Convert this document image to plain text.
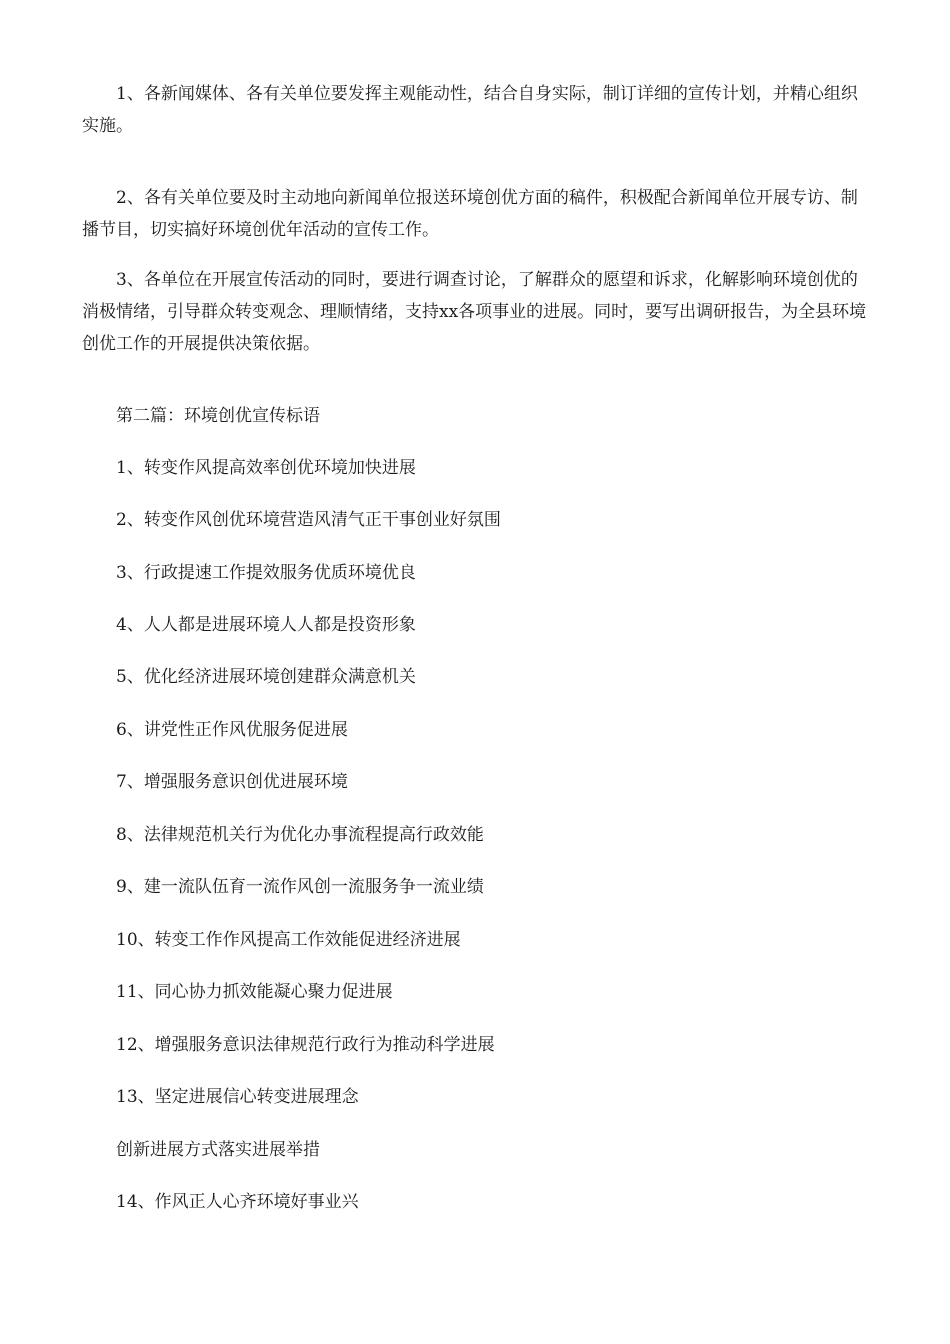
1、各新闻媒体、各有关单位要发挥主观能动性，结合自身实际，制订详细的宣传计划，并精心组织实施。

2、各有关单位要及时主动地向新闻单位报送环境创优方面的稿件，积极配合新闻单位开展专访、制播节目，切实搞好环境创优年活动的宣传工作。

3、各单位在开展宣传活动的同时，要进行调查讨论，了解群众的愿望和诉求，化解影响环境创优的消极情绪，引导群众转变观念、理顺情绪，支持xx各项事业的进展。同时，要写出调研报告，为全县环境创优工作的开展提供决策依据。

第二篇：环境创优宣传标语

1、转变作风提高效率创优环境加快进展

2、转变作风创优环境营造风清气正干事创业好氛围

3、行政提速工作提效服务优质环境优良

4、人人都是进展环境人人都是投资形象

5、优化经济进展环境创建群众满意机关

6、讲党性正作风优服务促进展

7、增强服务意识创优进展环境

8、法律规范机关行为优化办事流程提高行政效能

9、建一流队伍育一流作风创一流服务争一流业绩

10、转变工作作风提高工作效能促进经济进展

11、同心协力抓效能凝心聚力促进展

12、增强服务意识法律规范行政行为推动科学进展

13、坚定进展信心转变进展理念

创新进展方式落实进展举措

14、作风正人心齐环境好事业兴
